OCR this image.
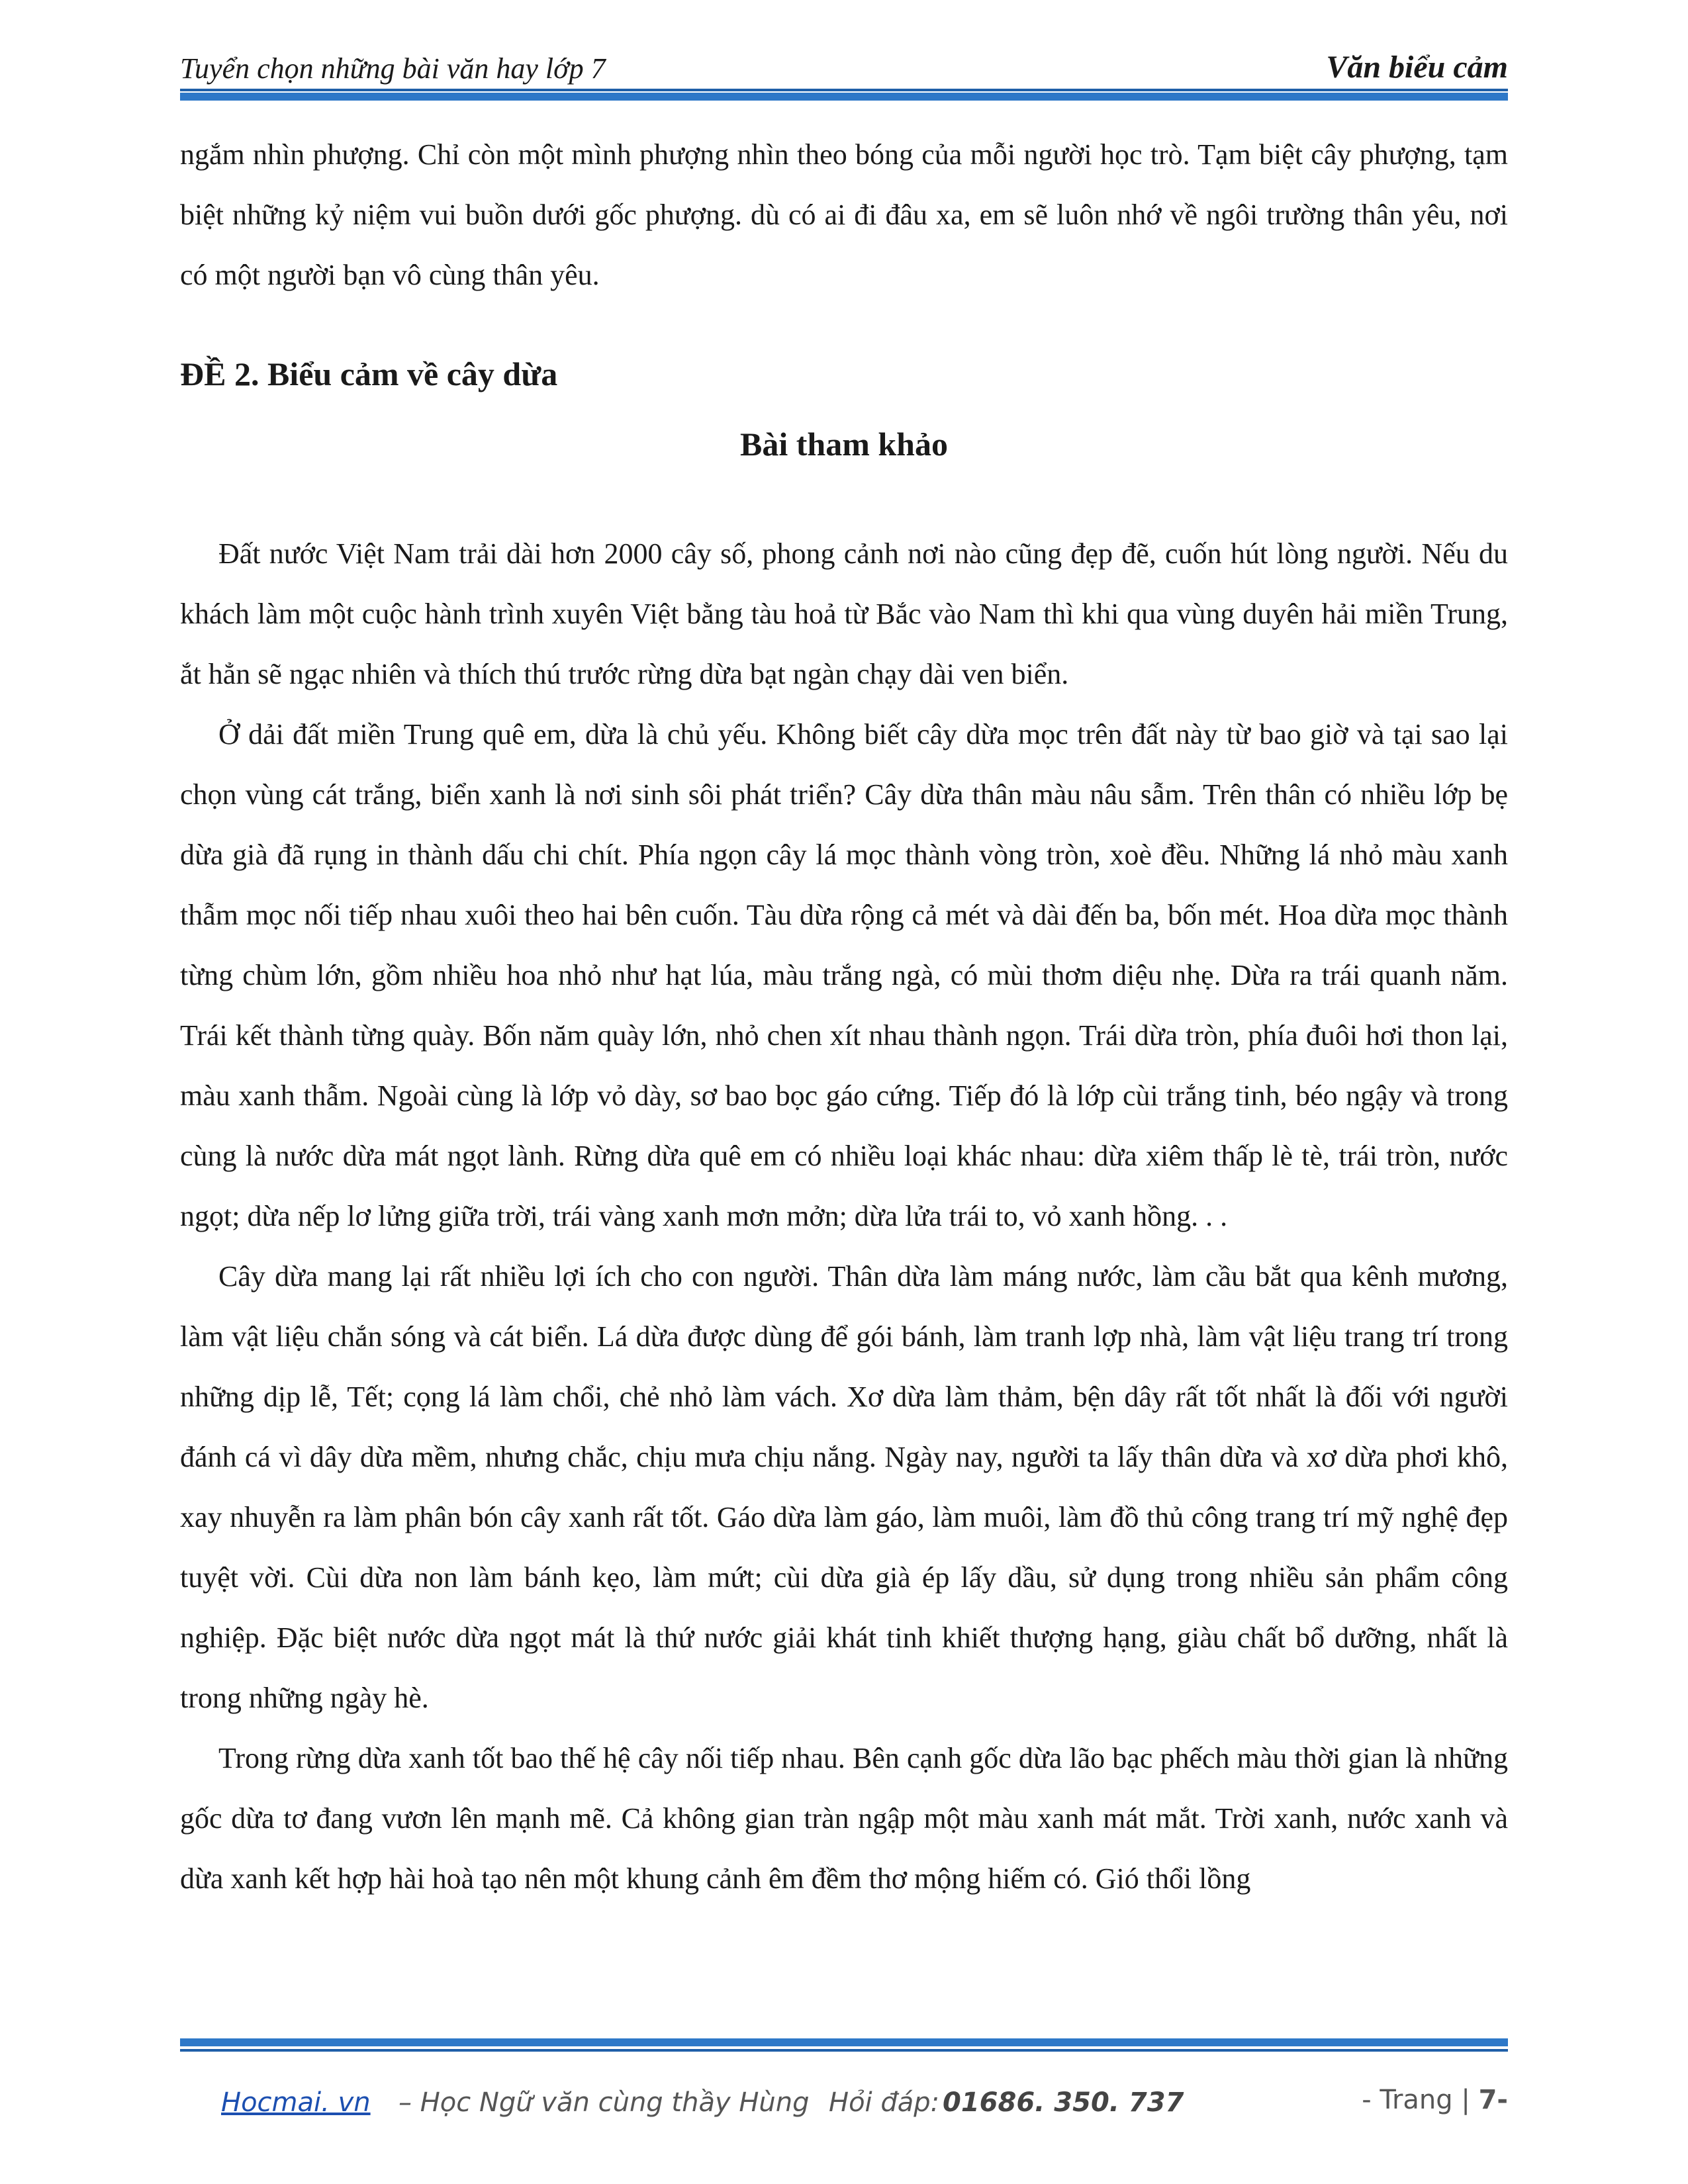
Tuyển chọn những bài văn hay lớp 7	Văn biểu cảm

ngắm nhìn phượng. Chỉ còn một mình phượng nhìn theo bóng của mỗi người học trò. Tạm biệt cây phượng, tạm biệt những kỷ niệm vui buồn dưới gốc phượng. dù có ai đi đâu xa, em sẽ luôn nhớ về ngôi trường thân yêu, nơi có một người bạn vô cùng thân yêu.

ĐỀ 2. Biểu cảm về cây dừa

Bài tham khảo

Đất nước Việt Nam trải dài hơn 2000 cây số, phong cảnh nơi nào cũng đẹp đẽ, cuốn hút lòng người. Nếu du khách làm một cuộc hành trình xuyên Việt bằng tàu hoả từ Bắc vào Nam thì khi qua vùng duyên hải miền Trung, ắt hẳn sẽ ngạc nhiên và thích thú trước rừng dừa bạt ngàn chạy dài ven biển.

Ở dải đất miền Trung quê em, dừa là chủ yếu. Không biết cây dừa mọc trên đất này từ bao giờ và tại sao lại chọn vùng cát trắng, biển xanh là nơi sinh sôi phát triển? Cây dừa thân màu nâu sẫm. Trên thân có nhiều lớp bẹ dừa già đã rụng in thành dấu chi chít. Phía ngọn cây lá mọc thành vòng tròn, xoè đều. Những lá nhỏ màu xanh thẫm mọc nối tiếp nhau xuôi theo hai bên cuốn. Tàu dừa rộng cả mét và dài đến ba, bốn mét. Hoa dừa mọc thành từng chùm lớn, gồm nhiều hoa nhỏ như hạt lúa, màu trắng ngà, có mùi thơm diệu nhẹ. Dừa ra trái quanh năm. Trái kết thành từng quày. Bốn năm quày lớn, nhỏ chen xít nhau thành ngọn. Trái dừa tròn, phía đuôi hơi thon lại, màu xanh thẫm. Ngoài cùng là lớp vỏ dày, sơ bao bọc gáo cứng. Tiếp đó là lớp cùi trắng tinh, béo ngậy và trong cùng là nước dừa mát ngọt lành. Rừng dừa quê em có nhiều loại khác nhau: dừa xiêm thấp lè tè, trái tròn, nước ngọt; dừa nếp lơ lửng giữa trời, trái vàng xanh mơn mởn; dừa lửa trái to, vỏ xanh hồng. . .

Cây dừa mang lại rất nhiều lợi ích cho con người. Thân dừa làm máng nước, làm cầu bắt qua kênh mương, làm vật liệu chắn sóng và cát biển. Lá dừa được dùng để gói bánh, làm tranh lợp nhà, làm vật liệu trang trí trong những dịp lễ, Tết; cọng lá làm chổi, chẻ nhỏ làm vách. Xơ dừa làm thảm, bện dây rất tốt nhất là đối với người đánh cá vì dây dừa mềm, nhưng chắc, chịu mưa chịu nắng. Ngày nay, người ta lấy thân dừa và xơ dừa phơi khô, xay nhuyễn ra làm phân bón cây xanh rất tốt. Gáo dừa làm gáo, làm muôi, làm đồ thủ công trang trí mỹ nghệ đẹp tuyệt vời. Cùi dừa non làm bánh kẹo, làm mứt; cùi dừa già ép lấy dầu, sử dụng trong nhiều sản phẩm công nghiệp. Đặc biệt nước dừa ngọt mát là thứ nước giải khát tinh khiết thượng hạng, giàu chất bổ dưỡng, nhất là trong những ngày hè.

Trong rừng dừa xanh tốt bao thế hệ cây nối tiếp nhau. Bên cạnh gốc dừa lão bạc phếch màu thời gian là những gốc dừa tơ đang vươn lên mạnh mẽ. Cả không gian tràn ngập một màu xanh mát mắt. Trời xanh, nước xanh và dừa xanh kết hợp hài hoà tạo nên một khung cảnh êm đềm thơ mộng hiếm có. Gió thổi lồng

Hocmai. vn – Học Ngữ văn cùng thầy Hùng Hỏi đáp: 01686. 350. 737	- Trang | 7-
